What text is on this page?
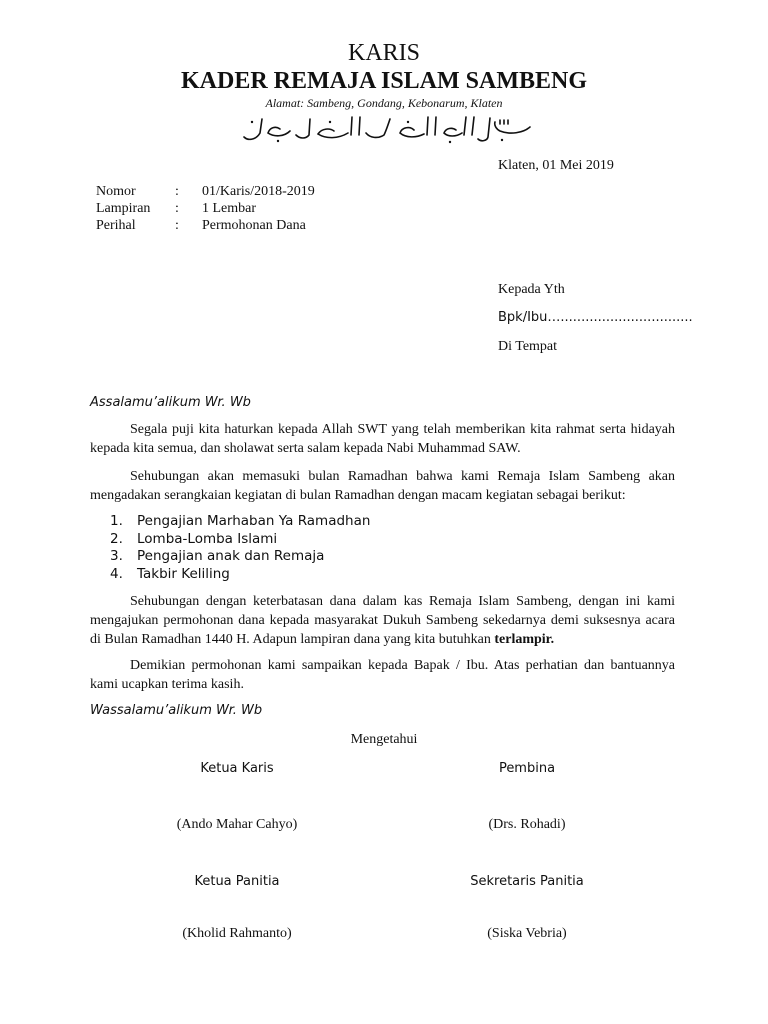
KARIS
KADER REMAJA ISLAM SAMBENG
Alamat: Sambeng, Gondang, Kebonarum, Klaten
Klaten, 01 Mei 2019
Nomor	: 01/Karis/2018-2019
Lampiran : 1 Lembar
Perihal	: Permohonan Dana
Kepada Yth
Bpk/Ibu…................................
Di Tempat
Assalamu’alikum Wr. Wb
Segala puji kita haturkan kepada Allah SWT yang telah memberikan kita rahmat serta hidayah kepada kita semua, dan sholawat serta salam kepada Nabi Muhammad SAW.
Sehubungan akan memasuki bulan Ramadhan bahwa kami Remaja Islam Sambeng akan mengadakan serangkaian kegiatan di bulan Ramadhan dengan macam kegiatan sebagai berikut:
1. Pengajian Marhaban Ya Ramadhan
2. Lomba-Lomba Islami
3. Pengajian anak dan Remaja
4. Takbir Keliling
Sehubungan dengan keterbatasan dana dalam kas Remaja Islam Sambeng, dengan ini kami mengajukan permohonan dana kepada masyarakat Dukuh Sambeng sekedarnya demi suksesnya acara di Bulan Ramadhan 1440 H. Adapun lampiran dana yang kita butuhkan terlampir.
Demikian permohonan kami sampaikan kepada Bapak / Ibu. Atas perhatian dan bantuannya kami ucapkan terima kasih.
Wassalamu’alikum Wr. Wb
Mengetahui
Ketua Karis	Pembina
(Ando Mahar Cahyo)	(Drs. Rohadi)
Ketua Panitia	Sekretaris Panitia
(Kholid Rahmanto)	(Siska Vebria)
